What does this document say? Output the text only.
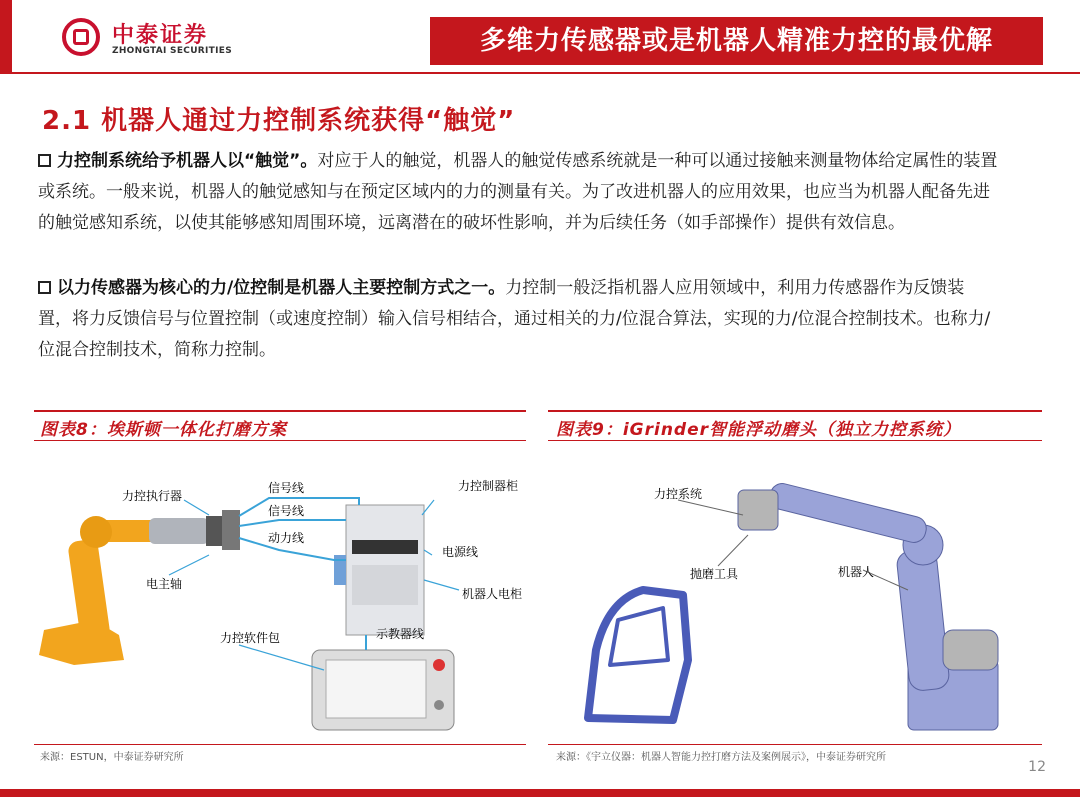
中泰证券
ZHONGTAI SECURITIES	多维力传感器或是机器人精准力控的最优解
2.1 机器人通过力控制系统获得“触觉”
力控制系统给予机器人以“触觉”。对应于人的触觉，机器人的触觉传感系统就是一种可以通过接触来测量物体给定属性的装置或系统。一般来说，机器人的触觉感知与在预定区域内的力的测量有关。为了改进机器人的应用效果，也应当为机器人配备先进的触觉感知系统，以使其能够感知周围环境，远离潜在的破坏性影响，并为后续任务（如手部操作）提供有效信息。
以力传感器为核心的力/位控制是机器人主要控制方式之一。力控制一般泛指机器人应用领域中，利用力传感器作为反馈装置，将力反馈信号与位置控制（或速度控制）输入信号相结合，通过相关的力/位混合算法，实现的力/位混合控制技术。也称力/位混合控制技术，简称力控制。
图表8：埃斯顿一体化打磨方案
力控执行器
信号线
信号线
动力线
力控制器柜
电源线
电主轴
机器人电柜
示教器线
力控软件包
来源：ESTUN，中泰证券研究所
图表9：iGrinder智能浮动磨头（独立力控系统）
力控系统
抛磨工具	机器人
来源：《宇立仪器：机器人智能力控打磨方法及案例展示》，中泰证券研究所
12
